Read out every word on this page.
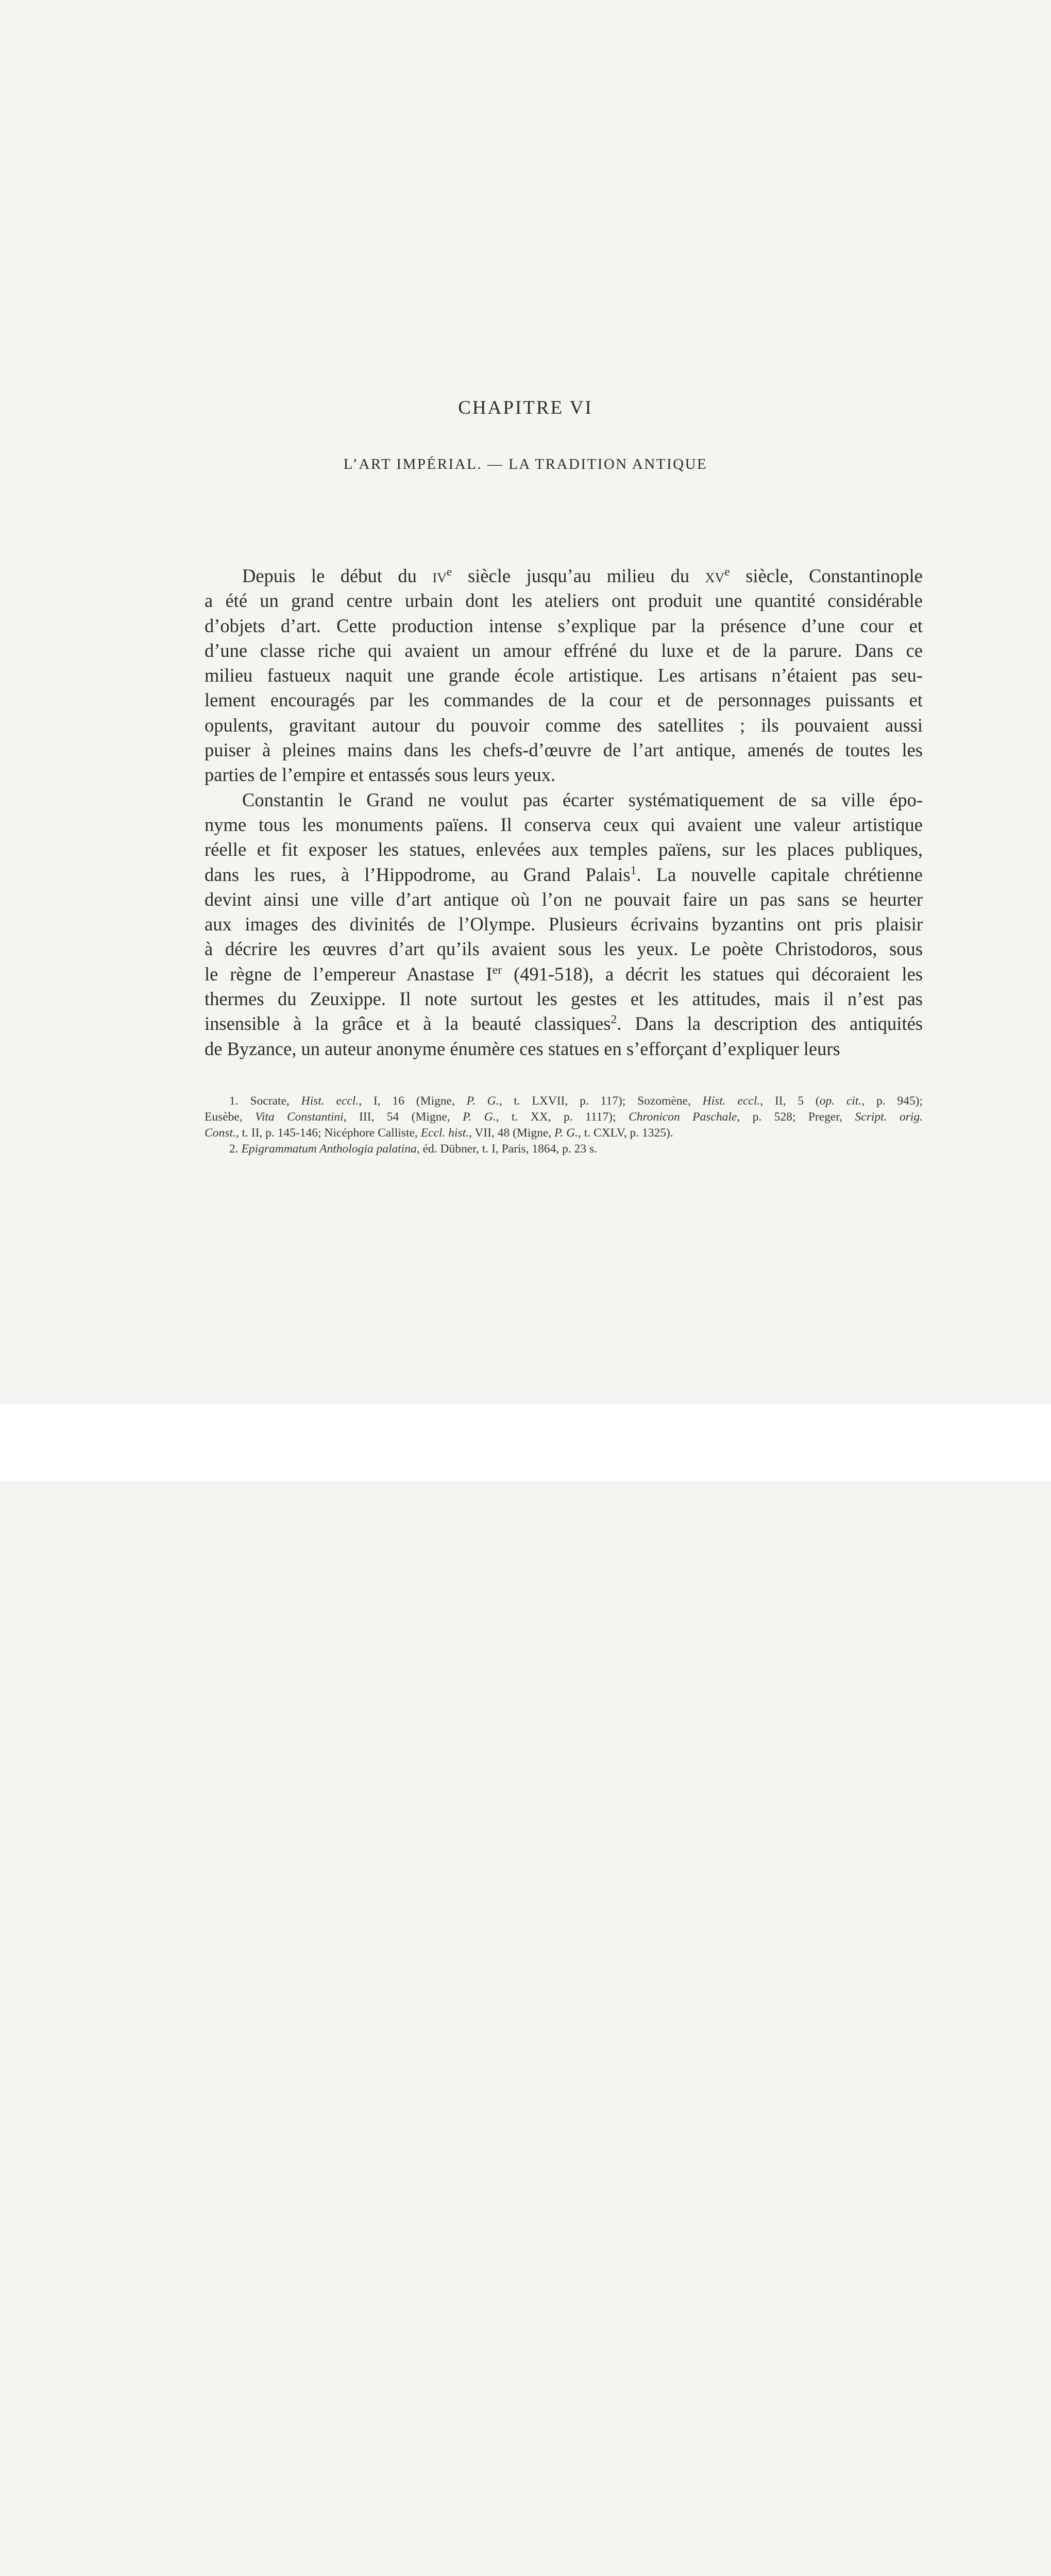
CHAPITRE VI
L’ART IMPÉRIAL. — LA TRADITION ANTIQUE

Depuis le début du $iv^e$ siècle jusqu’au milieu du $xv^e$ siècle, Constantinople
a été un grand centre urbain dont les ateliers ont produit une quantité considérable
d’objets d’art. Cette production intense s’explique par la présence d’une cour et
d’une classe riche qui avaient un amour effréné du luxe et de la parure. Dans ce
milieu fastueux naquit une grande école artistique. Les artisans n’étaient pas seu-
lement encouragés par les commandes de la cour et de personnages puissants et
opulents, gravitant autour du pouvoir comme des satellites ; ils pouvaient aussi
puiser à pleines mains dans les chefs-d’œuvre de l’art antique, amenés de toutes les
parties de l’empire et entassés sous leurs yeux.

Constantin le Grand ne voulut pas écarter systématiquement de sa ville épo-
nyme tous les monuments païens. Il conserva ceux qui avaient une valeur artistique
réelle et fit exposer les statues, enlevées aux temples païens, sur les places publiques,
dans les rues, à l’Hippodrome, au Grand Palais$^1$. La nouvelle capitale chrétienne
devint ainsi une ville d’art antique où l’on ne pouvait faire un pas sans se heurter
aux images des divinités de l’Olympe. Plusieurs écrivains byzantins ont pris plaisir
à décrire les œuvres d’art qu’ils avaient sous les yeux. Le poète Christodoros, sous
le règne de l’empereur Anastase Ier (491-518), a décrit les statues qui décoraient les
thermes du Zeuxippe. Il note surtout les gestes et les attitudes, mais il n’est pas
insensible à la grâce et à la beauté classiques$^2$. Dans la description des antiquités
de Byzance, un auteur anonyme énumère ces statues en s’efforçant d’expliquer leurs

1. Socrate, Hist. eccl., I, 16 (Migne, P. G., t. LXVII, p. 117); Sozomène, Hist. eccl., II, 5 (op. cit., p. 945);
Eusèbe, Vita Constantini, III, 54 (Migne, P. G., t. XX, p. 1117); Chronicon Paschale, p. 528; Preger, Script. orig.
Const., t. II, p. 145-146; Nicéphore Calliste, Eccl. hist., VII, 48 (Migne, P. G., t. CXLV, p. 1325).
2. Epigrammatum Anthologia palatina, éd. Dübner, t. I, Paris, 1864, p. 23 s.
